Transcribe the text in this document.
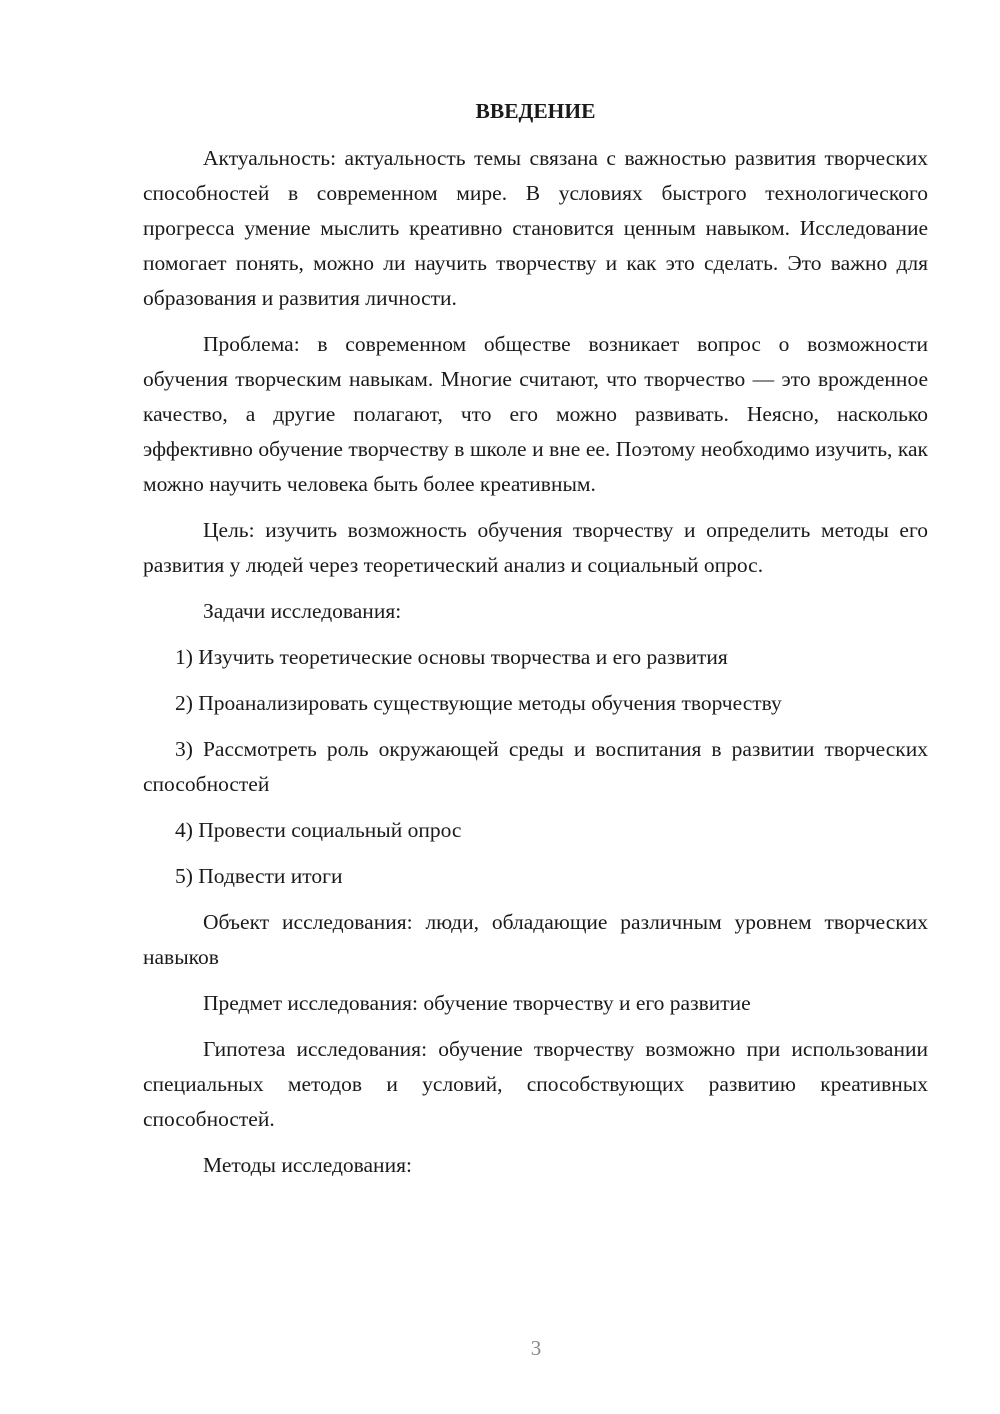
ВВЕДЕНИЕ

Актуальность: актуальность темы связана с важностью развития творческих способностей в современном мире. В условиях быстрого технологического прогресса умение мыслить креативно становится ценным навыком. Исследование помогает понять, можно ли научить творчеству и как это сделать. Это важно для образования и развития личности.

Проблема: в современном обществе возникает вопрос о возможности обучения творческим навыкам. Многие считают, что творчество — это врожденное качество, а другие полагают, что его можно развивать. Неясно, насколько эффективно обучение творчеству в школе и вне ее. Поэтому необходимо изучить, как можно научить человека быть более креативным.

Цель: изучить возможность обучения творчеству и определить методы его развития у людей через теоретический анализ и социальный опрос.

Задачи исследования:

1) Изучить теоретические основы творчества и его развития

2) Проанализировать существующие методы обучения творчеству

3) Рассмотреть роль окружающей среды и воспитания в развитии творческих способностей

4) Провести социальный опрос

5) Подвести итоги

Объект исследования: люди, обладающие различным уровнем творческих навыков

Предмет исследования: обучение творчеству и его развитие

Гипотеза исследования: обучение творчеству возможно при использовании специальных методов и условий, способствующих развитию креативных способностей.

Методы исследования:

3
